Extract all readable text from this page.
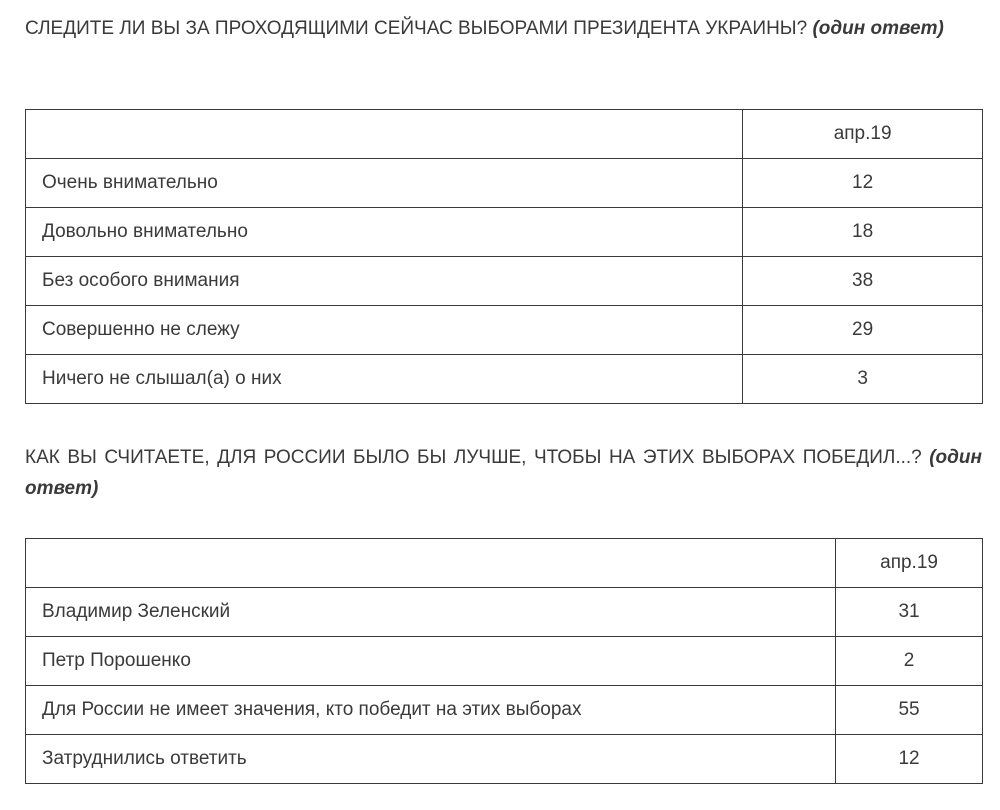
СЛЕДИТЕ ЛИ ВЫ ЗА ПРОХОДЯЩИМИ СЕЙЧАС ВЫБОРАМИ ПРЕЗИДЕНТА УКРАИНЫ? (один ответ)

	апр.19
Очень внимательно	12
Довольно внимательно	18
Без особого внимания	38
Совершенно не слежу	29
Ничего не слышал(а) о них	3

КАК ВЫ СЧИТАЕТЕ, ДЛЯ РОССИИ БЫЛО БЫ ЛУЧШЕ, ЧТОБЫ НА ЭТИХ ВЫБОРАХ ПОБЕДИЛ...? (один ответ)

	апр.19
Владимир Зеленский	31
Петр Порошенко	2
Для России не имеет значения, кто победит на этих выборах	55
Затруднились ответить	12
